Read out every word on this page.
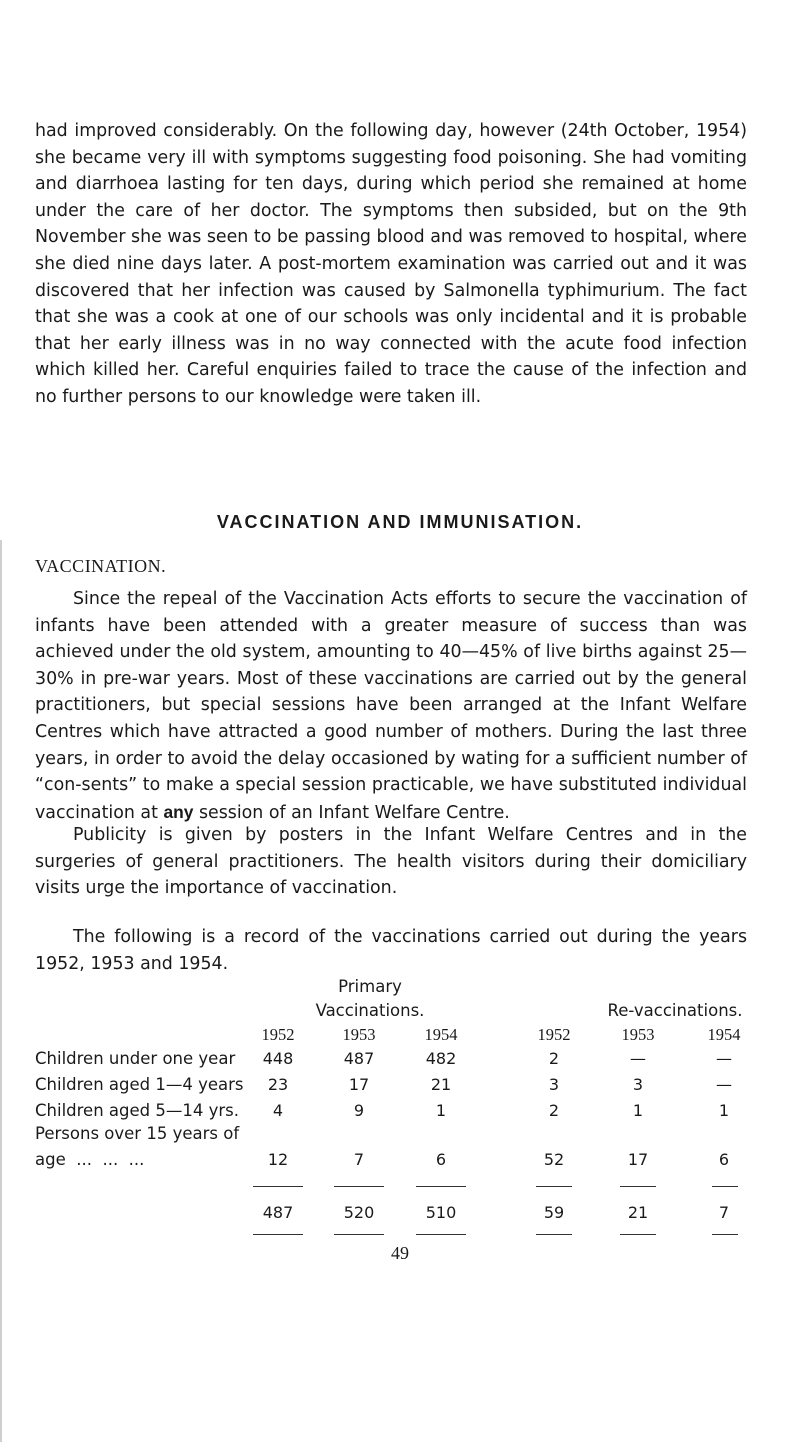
had improved considerably. On the following day, however (24th October, 1954) she became very ill with symptoms suggesting food poisoning. She had vomiting and diarrhoea lasting for ten days, during which period she remained at home under the care of her doctor. The symptoms then subsided, but on the 9th November she was seen to be passing blood and was removed to hospital, where she died nine days later. A post-mortem examination was carried out and it was discovered that her infection was caused by Salmonella typhimurium. The fact that she was a cook at one of our schools was only incidental and it is probable that her early illness was in no way connected with the acute food infection which killed her. Careful enquiries failed to trace the cause of the infection and no further persons to our knowledge were taken ill.

VACCINATION AND IMMUNISATION.
VACCINATION.

Since the repeal of the Vaccination Acts efforts to secure the vaccination of infants have been attended with a greater measure of success than was achieved under the old system, amounting to 40—45% of live births against 25—30% in pre-war years. Most of these vaccinations are carried out by the general practitioners, but special sessions have been arranged at the Infant Welfare Centres which have attracted a good number of mothers. During the last three years, in order to avoid the delay occasioned by wating for a sufficient number of “con-sents” to make a special session practicable, we have substituted individual vaccination at any session of an Infant Welfare Centre.

Publicity is given by posters in the Infant Welfare Centres and in the surgeries of general practitioners. The health visitors during their domiciliary visits urge the importance of vaccination.

The following is a record of the vaccinations carried out during the years 1952, 1953 and 1954.

Primary
Vaccinations.	Re-vaccinations.
1952	1953	1954	1952	1953	1954
Children under one year	448	487	482	2	—	—
Children aged 1—4 years	23	17	21	3	3	—
Children aged 5—14 yrs.	4	9	1	2	1	1
Persons over 15 years of
age  ...  ...  ...	12	7	6	52	17	6
487	520	510	59	21	7
49
